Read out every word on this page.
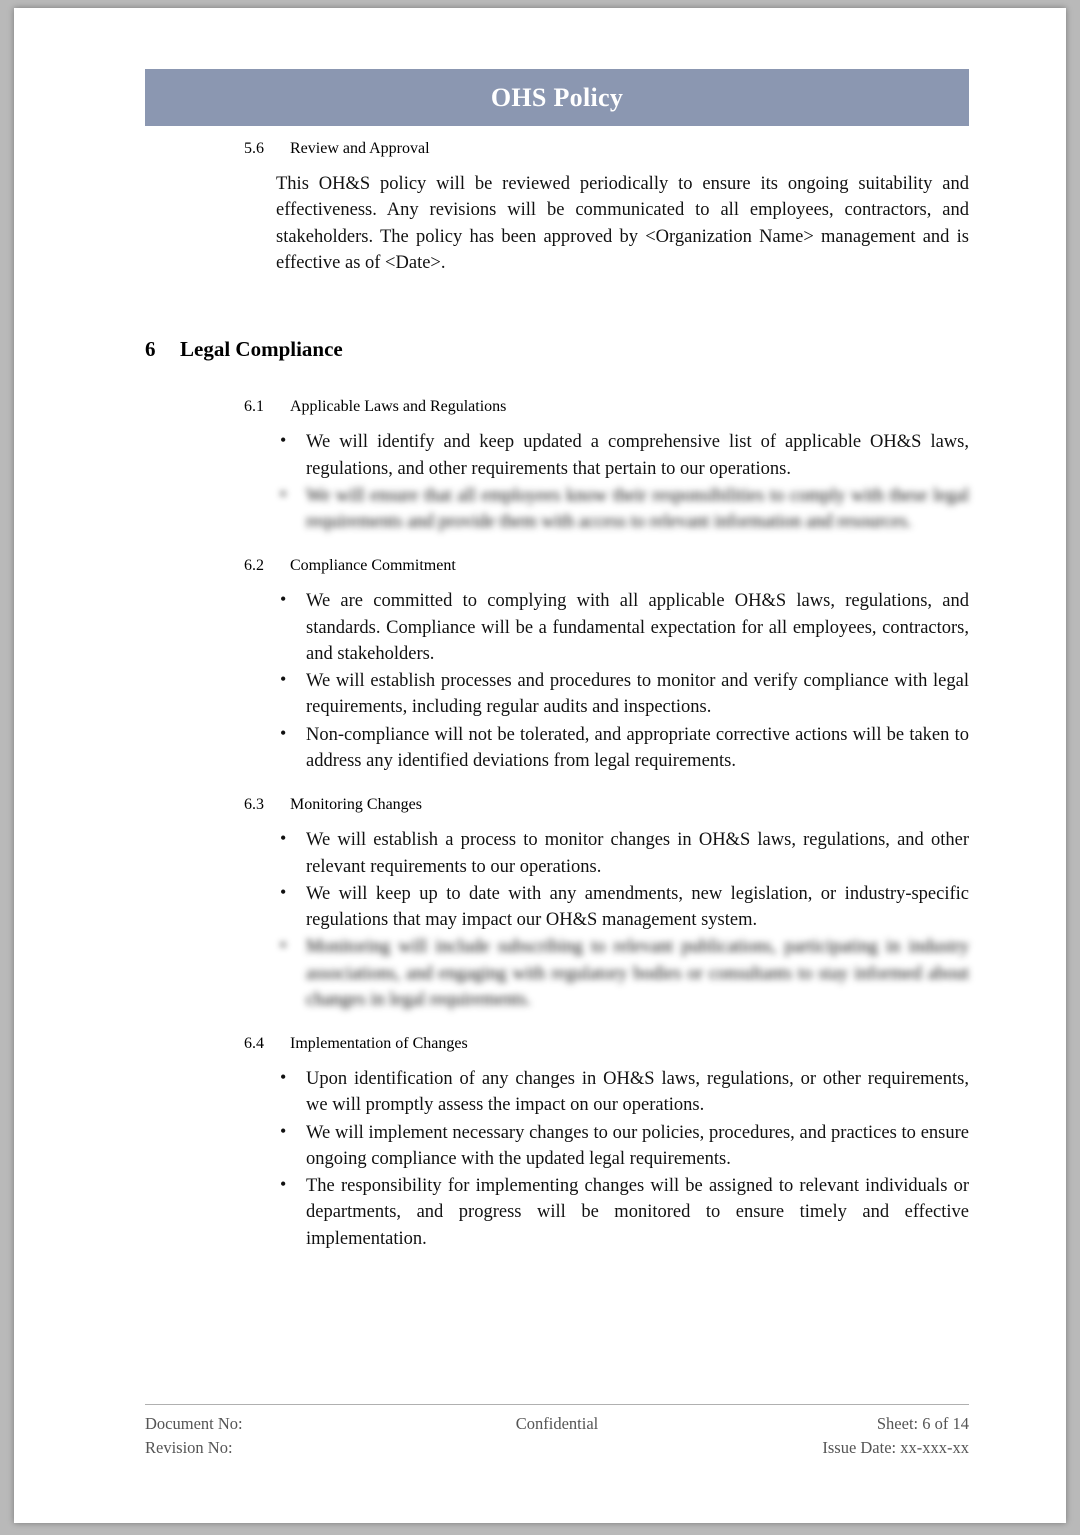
OHS Policy
5.6	Review and Approval

This OH&S policy will be reviewed periodically to ensure its ongoing suitability and effectiveness. Any revisions will be communicated to all employees, contractors, and stakeholders. The policy has been approved by <Organization Name> management and is effective as of <Date>.

6	Legal Compliance
6.1	Applicable Laws and Regulations
• We will identify and keep updated a comprehensive list of applicable OH&S laws, regulations, and other requirements that pertain to our operations.
• We will ensure that all employees know their responsibilities to comply with these legal requirements and provide them with access to relevant information and resources.
6.2	Compliance Commitment
• We are committed to complying with all applicable OH&S laws, regulations, and standards. Compliance will be a fundamental expectation for all employees, contractors, and stakeholders.
• We will establish processes and procedures to monitor and verify compliance with legal requirements, including regular audits and inspections.
• Non-compliance will not be tolerated, and appropriate corrective actions will be taken to address any identified deviations from legal requirements.
6.3	Monitoring Changes
• We will establish a process to monitor changes in OH&S laws, regulations, and other relevant requirements to our operations.
• We will keep up to date with any amendments, new legislation, or industry-specific regulations that may impact our OH&S management system.
• Monitoring will include subscribing to relevant publications, participating in industry associations, and engaging with regulatory bodies or consultants to stay informed about changes in legal requirements.
6.4	Implementation of Changes
• Upon identification of any changes in OH&S laws, regulations, or other requirements, we will promptly assess the impact on our operations.
• We will implement necessary changes to our policies, procedures, and practices to ensure ongoing compliance with the updated legal requirements.
• The responsibility for implementing changes will be assigned to relevant individuals or departments, and progress will be monitored to ensure timely and effective implementation.
Document No:	Confidential	Sheet: 6 of 14
Revision No:	Issue Date: xx-xxx-xx
